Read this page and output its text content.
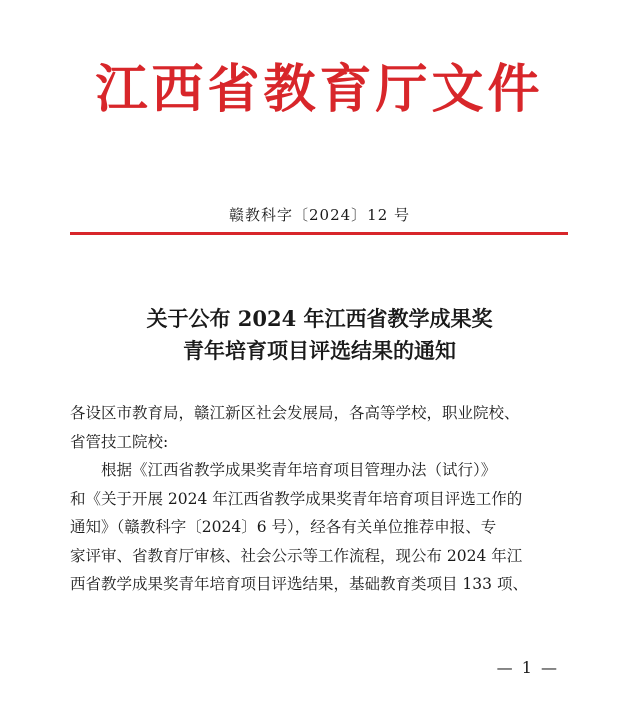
江西省教育厅文件
赣教科字〔2024〕12 号
关于公布 2024 年江西省教学成果奖
青年培育项目评选结果的通知

各设区市教育局，赣江新区社会发展局，各高等学校，职业院校、

省管技工院校:

根据《江西省教学成果奖青年培育项目管理办法（试行）》

和《关于开展 2024 年江西省教学成果奖青年培育项目评选工作的

通知》（赣教科字〔2024〕6 号），经各有关单位推荐申报、专

家评审、省教育厅审核、社会公示等工作流程，现公布 2024 年江

西省教学成果奖青年培育项目评选结果，基础教育类项目 133 项、

— 1 —
